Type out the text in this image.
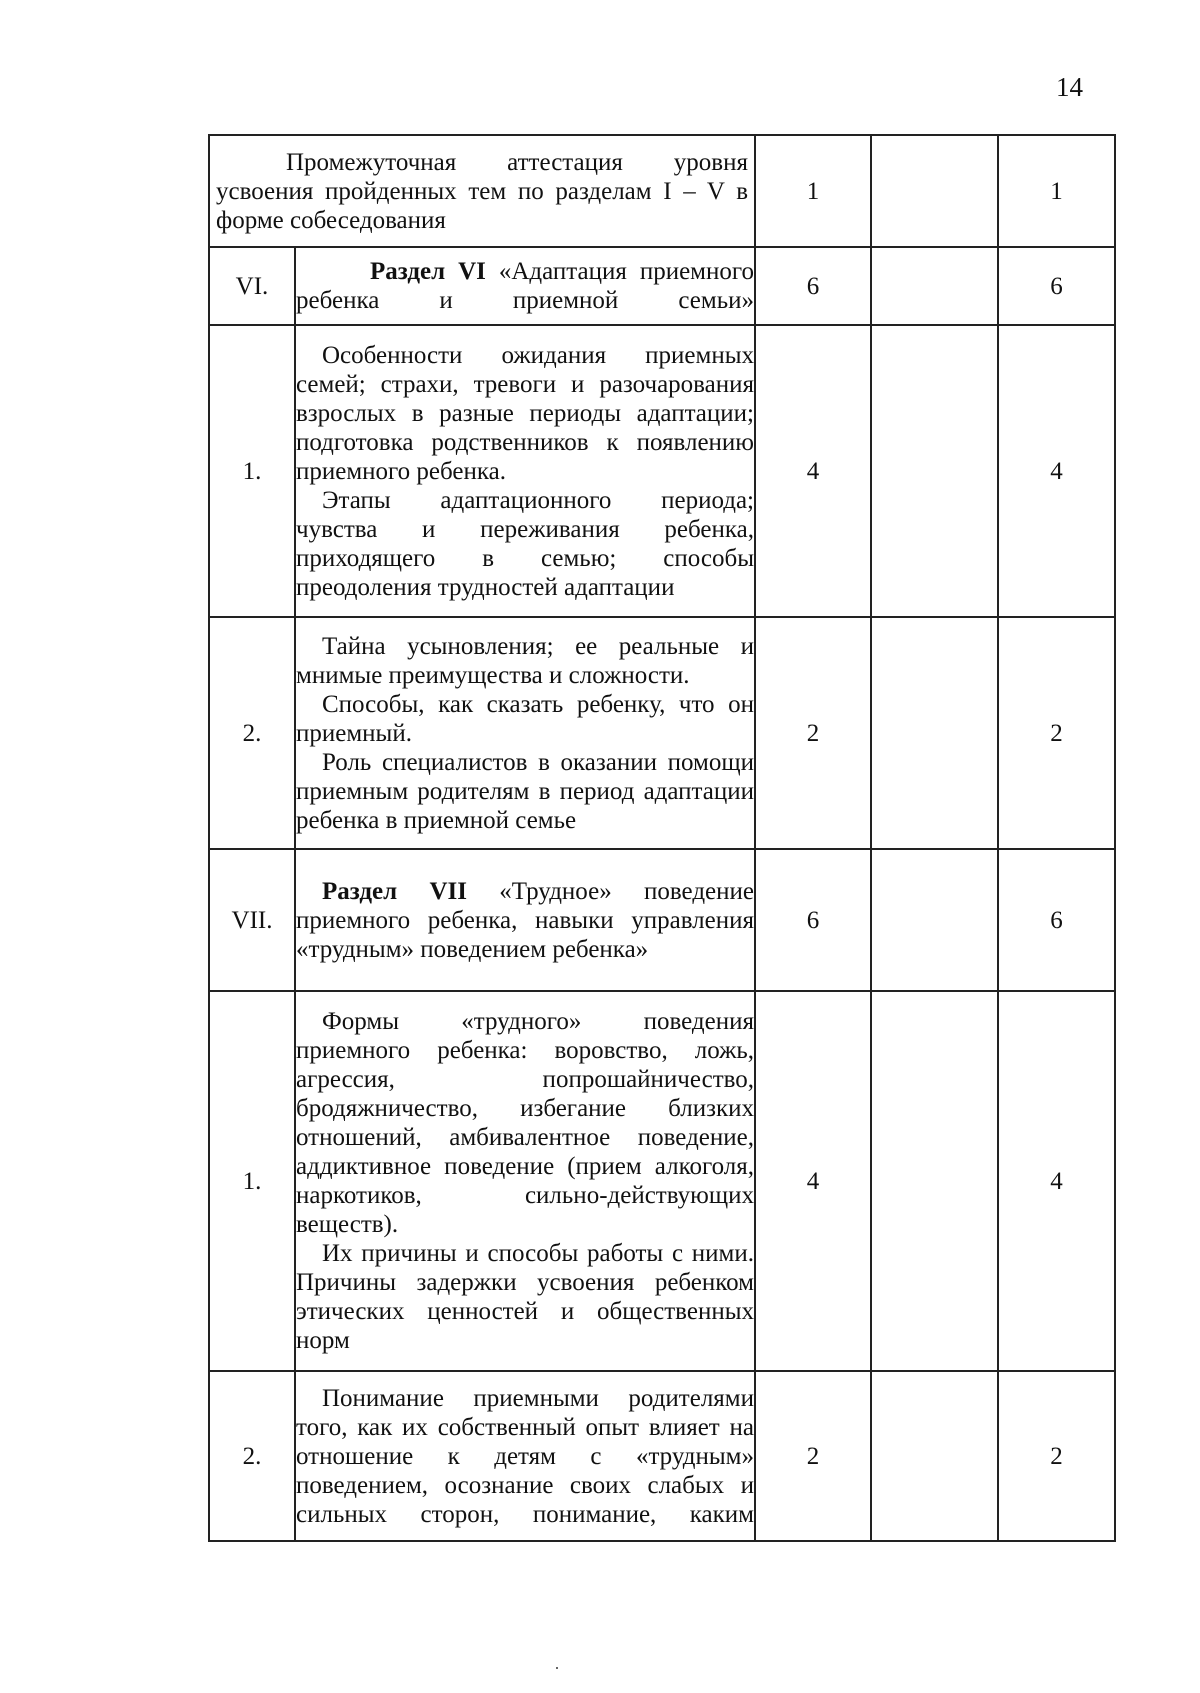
14
Промежуточная аттестация уровня
усвоения пройденных тем по разделам I – V в
форме собеседования		1		1
VI.	Раздел VI «Адаптация приемного ребенка и приемной семьи»	6		6
1.	Особенности ожидания приемных семей; страхи, тревоги и разочарования взрослых в разные периоды адаптации; подготовка родственников к появлению приемного ребенка.
Этапы адаптационного периода; чувства и переживания ребенка, приходящего в семью; способы преодоления трудностей адаптации	4		4
2.	Тайна усыновления; ее реальные и мнимые преимущества и сложности.
Способы, как сказать ребенку, что он приемный.
Роль специалистов в оказании помощи приемным родителям в период адаптации ребенка в приемной семье	2		2
VII.	Раздел VII «Трудное» поведение приемного ребенка, навыки управления «трудным» поведением ребенка»	6		6
1.	Формы «трудного» поведения приемного ребенка: воровство, ложь, агрессия, попрошайничество, бродяжничество, избегание близких отношений, амбивалентное поведение, аддиктивное поведение (прием алкоголя, наркотиков, сильно-действующих веществ).
Их причины и способы работы с ними. Причины задержки усвоения ребенком этических ценностей и общественных норм	4		4
2.	Понимание приемными родителями того, как их собственный опыт влияет на отношение к детям с «трудным» поведением, осознание своих слабых и сильных сторон, понимание, каким	2		2
